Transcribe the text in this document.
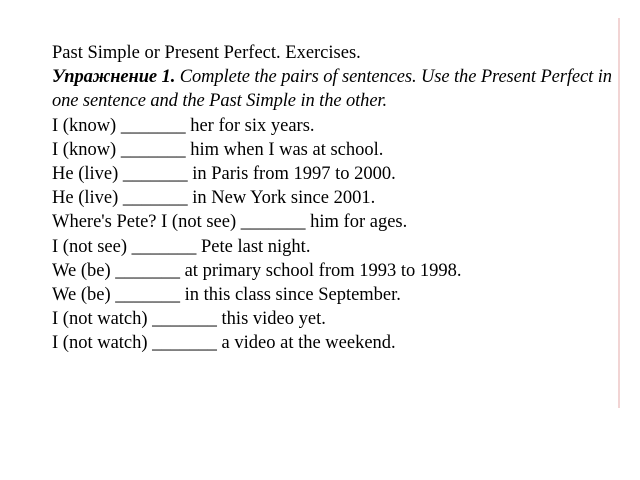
Past Simple or Present Perfect. Exercises.
Упражнение 1. Complete the pairs of sentences. Use the Present Perfect in one sentence and the Past Simple in the other.
I (know) _______ her for six years.
I (know) _______ him when I was at school.
He (live) _______ in Paris from 1997 to 2000.
He (live) _______ in New York since 2001.
Where's Pete? I (not see) _______ him for ages.
I (not see) _______ Pete last night.
We (be) _______ at primary school from 1993 to 1998.
We (be) _______ in this class since September.
I (not watch) _______ this video yet.
I (not watch) _______ a video at the weekend.
